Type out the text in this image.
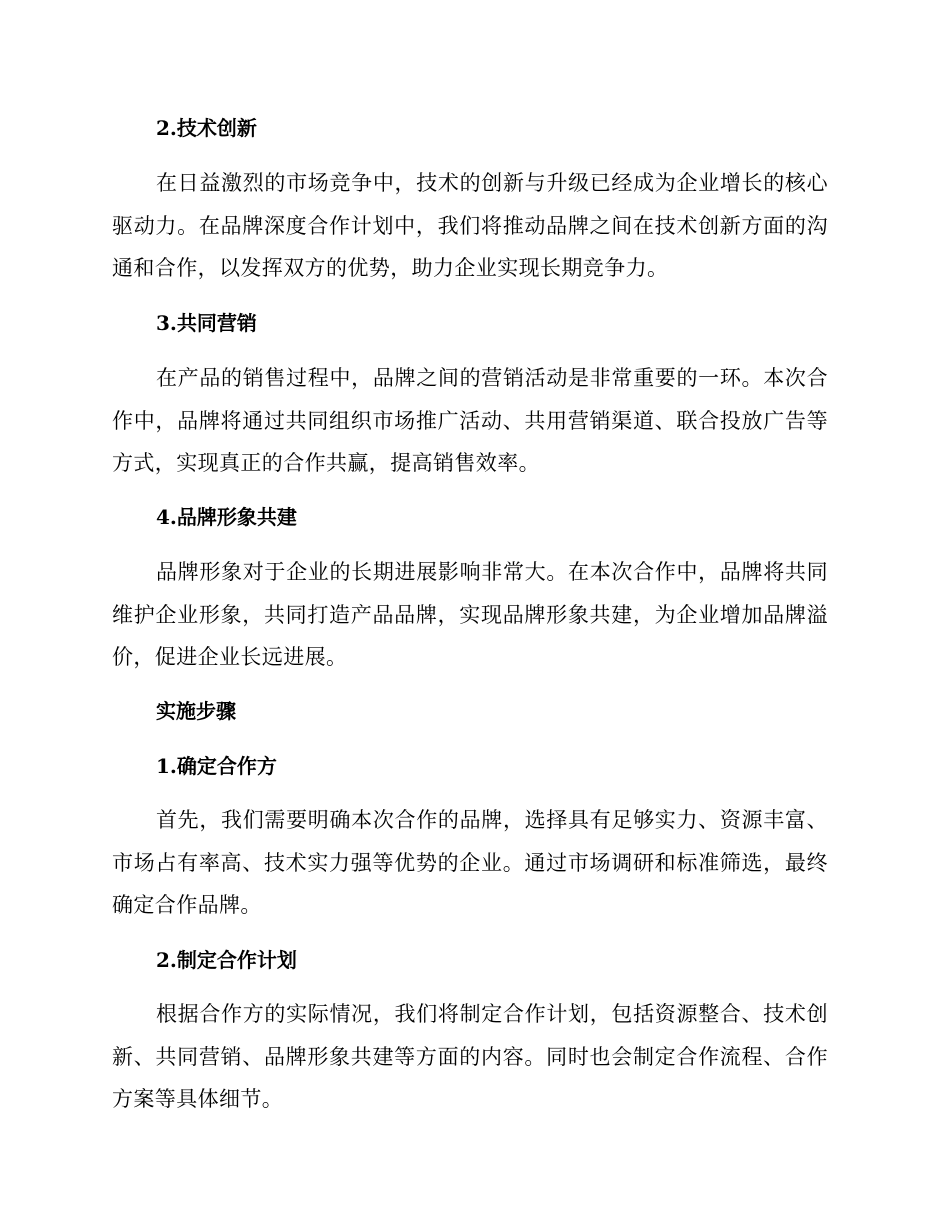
2.技术创新
在日益激烈的市场竞争中，技术的创新与升级已经成为企业增长的核心驱动力。在品牌深度合作计划中，我们将推动品牌之间在技术创新方面的沟通和合作，以发挥双方的优势，助力企业实现长期竞争力。
3.共同营销
在产品的销售过程中，品牌之间的营销活动是非常重要的一环。本次合作中，品牌将通过共同组织市场推广活动、共用营销渠道、联合投放广告等方式，实现真正的合作共赢，提高销售效率。
4.品牌形象共建
品牌形象对于企业的长期进展影响非常大。在本次合作中，品牌将共同维护企业形象，共同打造产品品牌，实现品牌形象共建，为企业增加品牌溢价，促进企业长远进展。
实施步骤
1.确定合作方
首先，我们需要明确本次合作的品牌，选择具有足够实力、资源丰富、市场占有率高、技术实力强等优势的企业。通过市场调研和标准筛选，最终确定合作品牌。
2.制定合作计划
根据合作方的实际情况，我们将制定合作计划，包括资源整合、技术创新、共同营销、品牌形象共建等方面的内容。同时也会制定合作流程、合作方案等具体细节。
